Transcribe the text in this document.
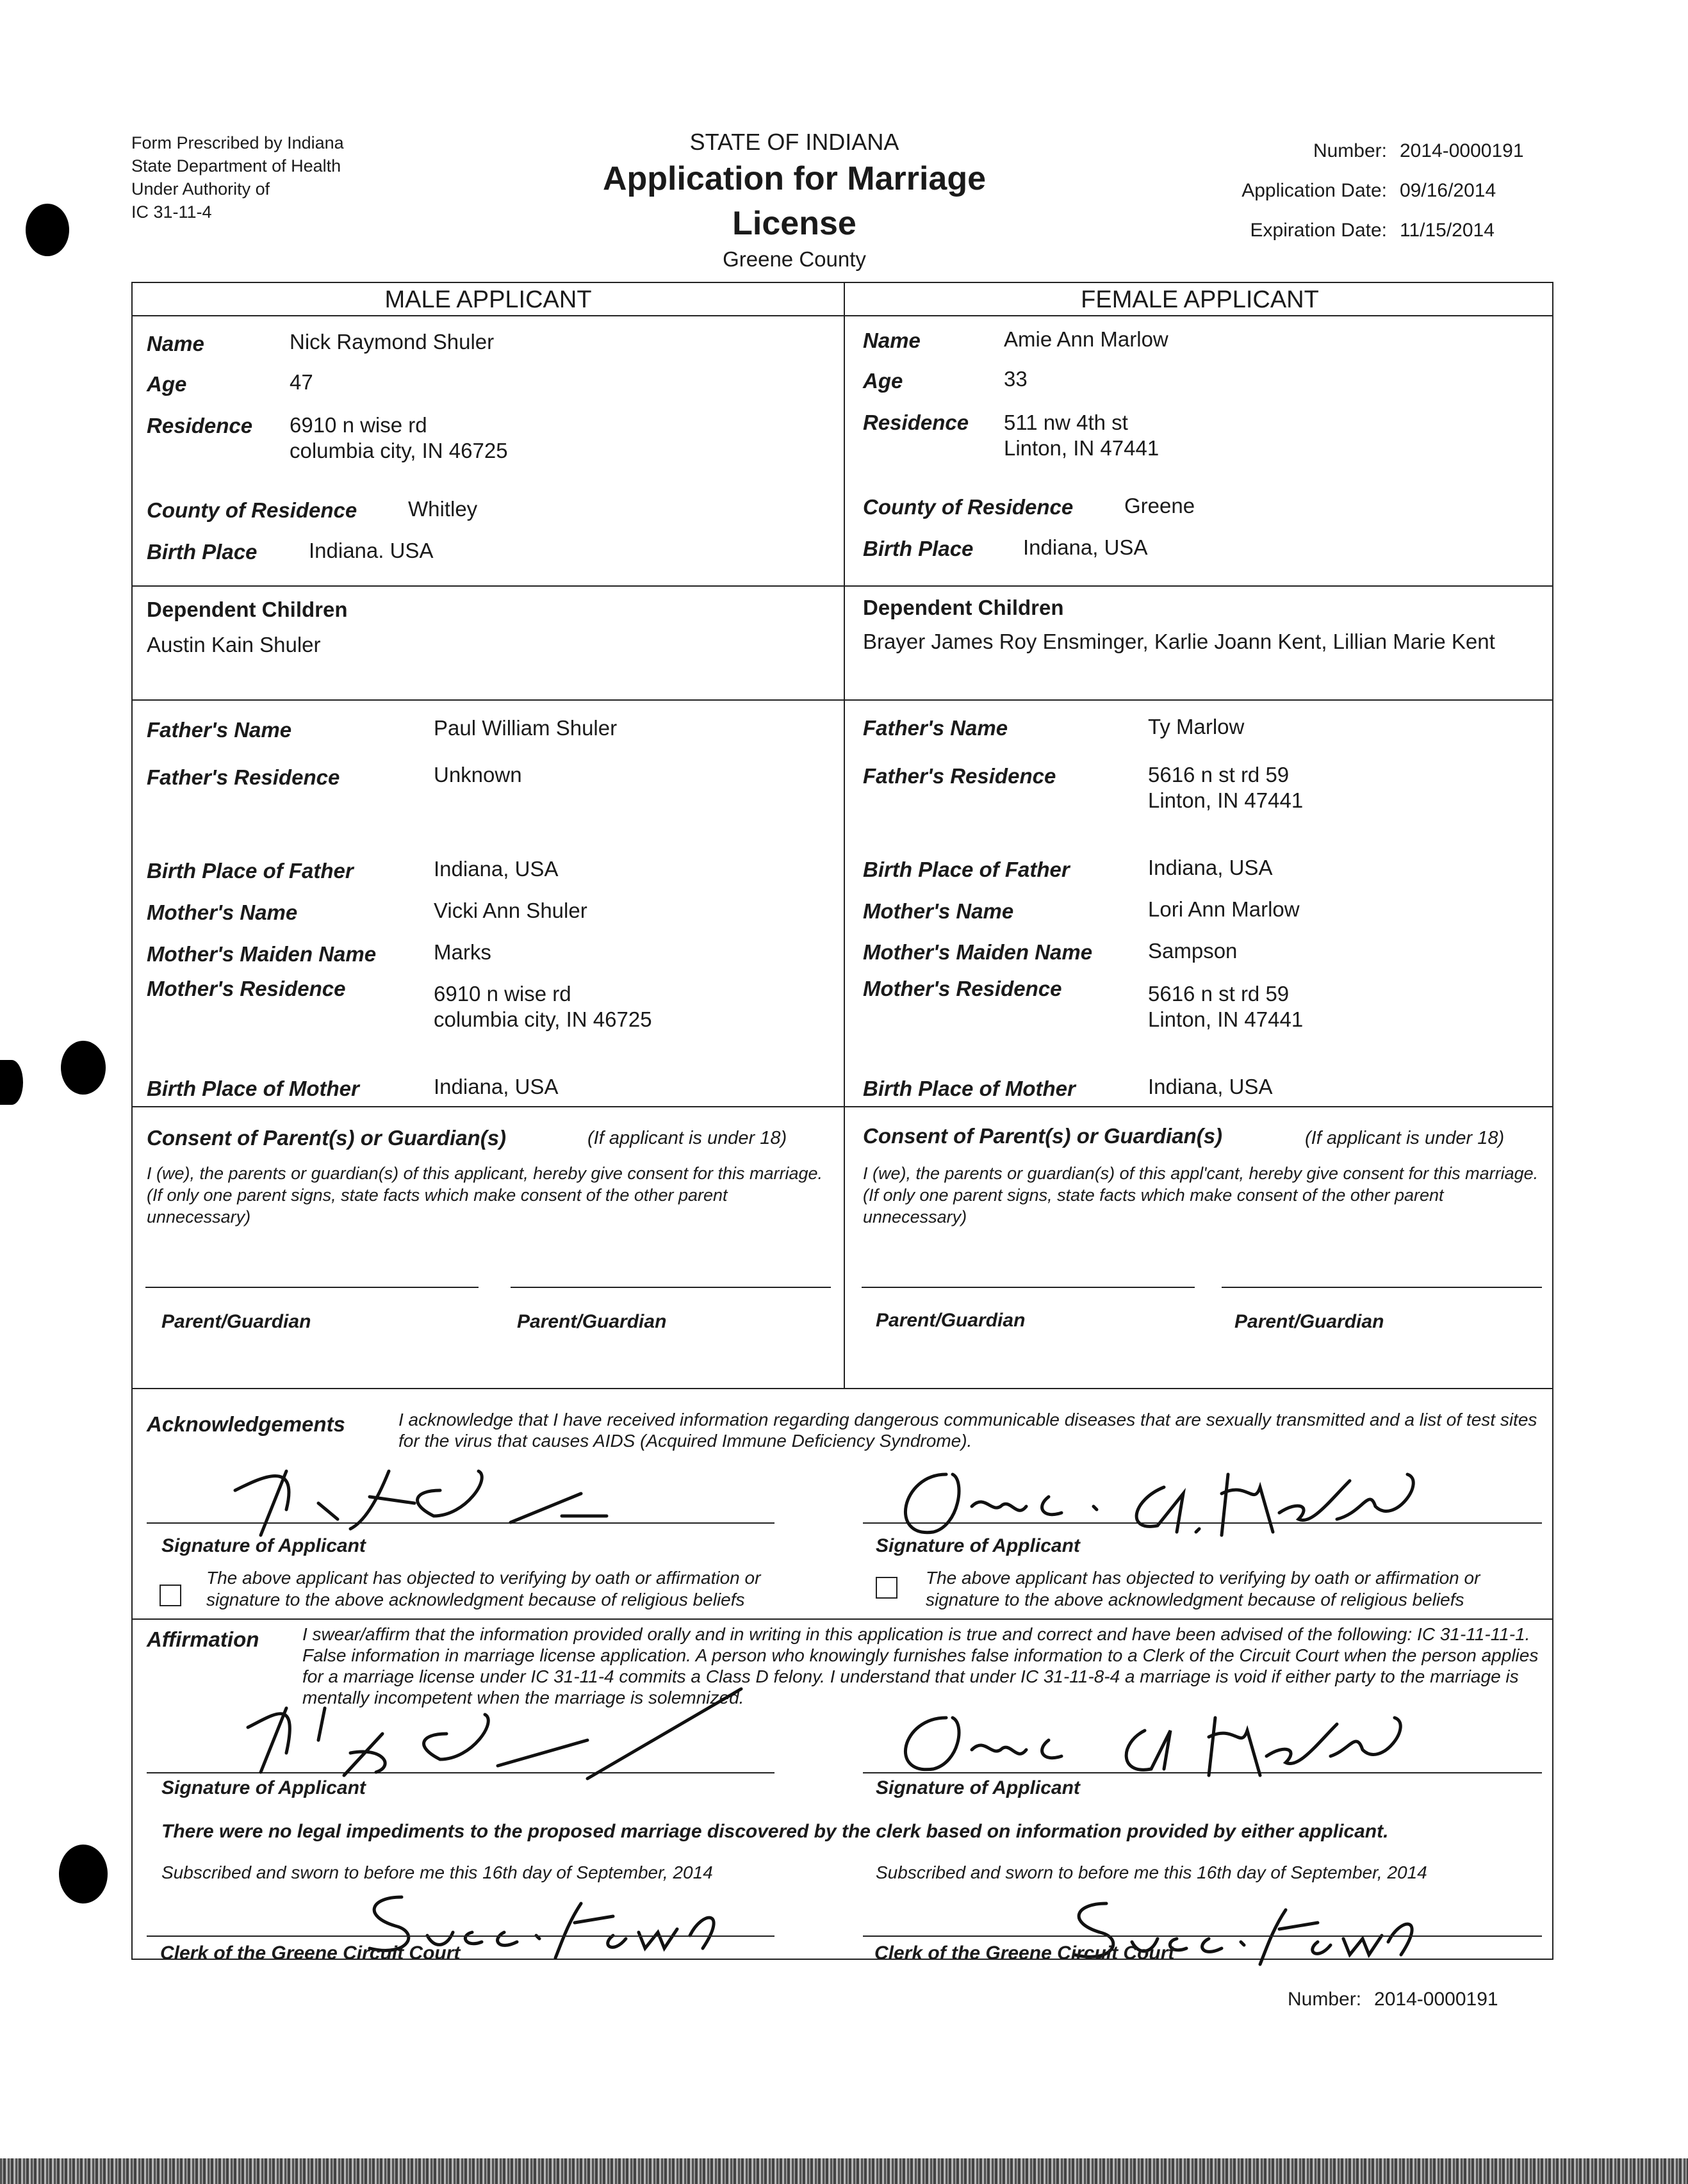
Form Prescribed by Indiana
State Department of Health
Under Authority of
IC 31-11-4
STATE OF INDIANA
Application for Marriage License
Greene County
Number: 2014-0000191
Application Date: 09/16/2014
Expiration Date: 11/15/2014
MALE APPLICANT	FEMALE APPLICANT
Name	Nick Raymond Shuler
Age	47
Residence 6910 n wise rd
columbia city, IN 46725
County of Residence Whitley
Birth Place Indiana. USA
Dependent Children
Austin Kain Shuler
Father's Name	Paul William Shuler
Father's Residence	Unknown
Birth Place of Father	Indiana, USA
Mother's Name	Vicki Ann Shuler
Mother's Maiden Name	Marks
Mother's Residence	6910 n wise rd
columbia city, IN 46725
Birth Place of Mother	Indiana, USA
Name	Amie Ann Marlow
Age	33
Residence 511 nw 4th st
Linton, IN 47441
County of Residence Greene
Birth Place Indiana, USA
Dependent Children
Brayer James Roy Ensminger, Karlie Joann Kent, Lillian Marie Kent
Father's Name	Ty Marlow
Father's Residence	5616 n st rd 59
Linton, IN 47441
Birth Place of Father	Indiana, USA
Mother's Name	Lori Ann Marlow
Mother's Maiden Name	Sampson
Mother's Residence	5616 n st rd 59
Linton, IN 47441
Birth Place of Mother	Indiana, USA
Consent of Parent(s) or Guardian(s)	(If applicant is under 18)
I (we), the parents or guardian(s) of this applicant, hereby give consent for this marriage. (If only one parent signs, state facts which make consent of the other parent unnecessary)
Parent/Guardian	Parent/Guardian
Consent of Parent(s) or Guardian(s)	(If applicant is under 18)
I (we), the parents or guardian(s) of this appl'cant, hereby give consent for this marriage. (If only one parent signs, state facts which make consent of the other parent unnecessary)
Parent/Guardian	Parent/Guardian
Acknowledgements	I acknowledge that I have received information regarding dangerous communicable diseases that are sexually transmitted and a list of test sites for the virus that causes AIDS (Acquired Immune Deficiency Syndrome).
Signature of Applicant	Signature of Applicant
The above applicant has objected to verifying by oath or affirmation or signature to the above acknowledgment because of religious beliefs
The above applicant has objected to verifying by oath or affirmation or signature to the above acknowledgment because of religious beliefs
Affirmation I swear/affirm that the information provided orally and in writing in this application is true and correct and have been advised of the following: IC 31-11-11-1. False information in marriage license application. A person who knowingly furnishes false information to a Clerk of the Circuit Court when the person applies for a marriage license under IC 31-11-4 commits a Class D felony. I understand that under IC 31-11-8-4 a marriage is void if either party to the marriage is mentally incompetent when the marriage is solemnized.
Signature of Applicant	Signature of Applicant
There were no legal impediments to the proposed marriage discovered by the clerk based on information provided by either applicant.
Subscribed and sworn to before me this 16th day of September, 2014	Subscribed and sworn to before me this 16th day of September, 2014
Clerk of the Greene Circuit Court	Clerk of the Greene Circuit Court
Number: 2014-0000191
